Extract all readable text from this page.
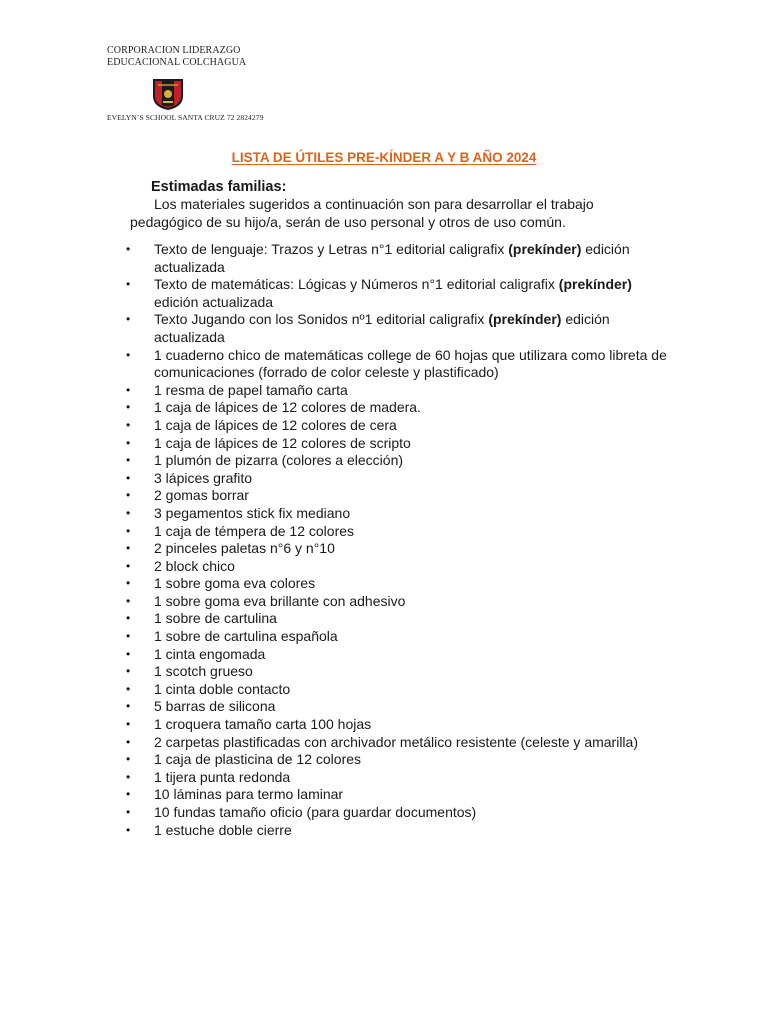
CORPORACION LIDERAZGO
EDUCACIONAL COLCHAGUA
EVELYN´S SCHOOL SANTA CRUZ 72 2824279
LISTA DE ÚTILES PRE-KÍNDER A Y B AÑO 2024
Estimadas familias:
Los materiales sugeridos a continuación son para desarrollar el trabajo
pedagógico de su hijo/a, serán de uso personal y otros de uso común.
• Texto de lenguaje: Trazos y Letras n°1 editorial caligrafix (prekínder) edición
actualizada
• Texto de matemáticas: Lógicas y Números n°1 editorial caligrafix (prekínder)
edición actualizada
• Texto Jugando con los Sonidos nº1 editorial caligrafix (prekínder) edición
actualizada
• 1 cuaderno chico de matemáticas college de 60 hojas que utilizara como libreta de
comunicaciones (forrado de color celeste y plastificado)
• 1 resma de papel tamaño carta
• 1 caja de lápices de 12 colores de madera.
• 1 caja de lápices de 12 colores de cera
• 1 caja de lápices de 12 colores de scripto
• 1 plumón de pizarra (colores a elección)
• 3 lápices grafito
• 2 gomas borrar
• 3 pegamentos stick fix mediano
• 1 caja de témpera de 12 colores
• 2 pinceles paletas n°6 y n°10
• 2 block chico
• 1 sobre goma eva colores
• 1 sobre goma eva brillante con adhesivo
• 1 sobre de cartulina
• 1 sobre de cartulina española
• 1 cinta engomada
• 1 scotch grueso
• 1 cinta doble contacto
• 5 barras de silicona
• 1 croquera tamaño carta 100 hojas
• 2 carpetas plastificadas con archivador metálico resistente (celeste y amarilla)
• 1 caja de plasticina de 12 colores
• 1 tijera punta redonda
• 10 láminas para termo laminar
• 10 fundas tamaño oficio (para guardar documentos)
• 1 estuche doble cierre
